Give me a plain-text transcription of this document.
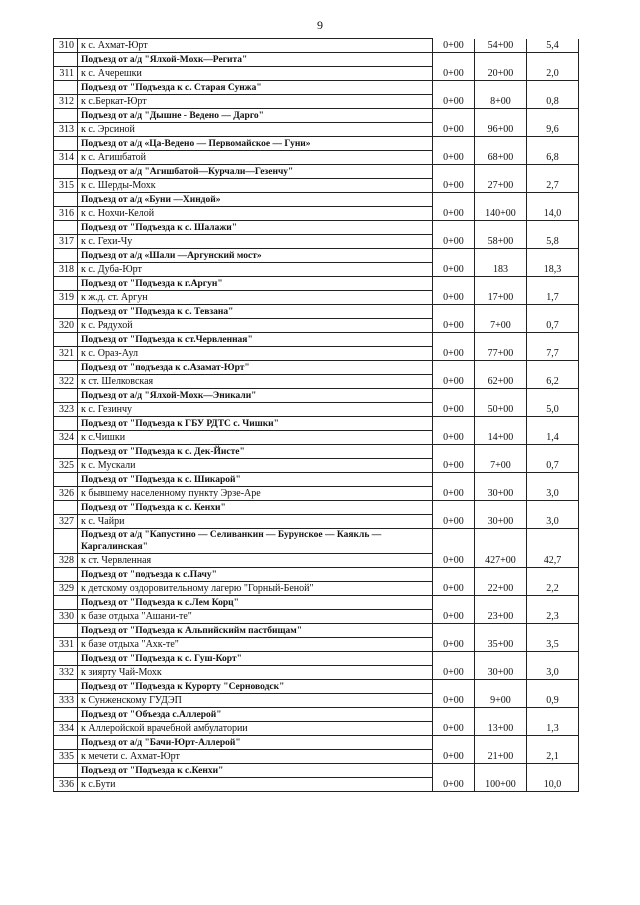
9
310	к с. Ахмат-Юрт	0+00	54+00	5,4
	Подъезд от а/д "Ялхой-Мохк—Регита"			
311	к с. Ачерешки	0+00	20+00	2,0
	Подъезд от "Подъезда к с. Старая Сунжа"			
312	к с.Беркат-Юрт	0+00	8+00	0,8
	Подъезд от а/д "Дышне - Ведено — Дарго"			
313	к с. Эрсиной	0+00	96+00	9,6
	Подъезд от а/д «Ца-Ведено — Первомайское — Гуни»			
314	к с. Агишбатой	0+00	68+00	6,8
	Подъезд от а/д "Агишбатой—Курчали—Гезенчу"			
315	к с. Шерды-Мохк	0+00	27+00	2,7
	Подъезд от а/д «Буни —Хиндой»			
316	к с. Нохчи-Келой	0+00	140+00	14,0
	Подъезд от "Подъезда к с. Шалажи"			
317	к с. Гехи-Чу	0+00	58+00	5,8
	Подъезд от а/д «Шали —Аргунский мост»			
318	к с. Дуба-Юрт	0+00	183	18,3
	Подъезд от "Подъезда к г.Аргун"			
319	к ж.д. ст. Аргун	0+00	17+00	1,7
	Подъезд от "Подъезда к с. Тевзана"			
320	к с. Рядухой	0+00	7+00	0,7
	Подъезд от "Подъезда к ст.Червленная"			
321	к с. Ораз-Аул	0+00	77+00	7,7
	Подъезд от "подъезда к с.Азамат-Юрт"			
322	к ст. Шелковская	0+00	62+00	6,2
	Подъезд от а/д "Ялхой-Мохк—Эникали"			
323	к с. Гезинчу	0+00	50+00	5,0
	Подъезд от "Подъезда к ГБУ РДТС с. Чишки"			
324	к с.Чишки	0+00	14+00	1,4
	Подъезд от "Подъезда к с. Дек-Йисте"			
325	к с. Мускали	0+00	7+00	0,7
	Подъезд от "Подъезда к с. Шикарой"			
326	к бывшему населенному пункту Эрзе-Аре	0+00	30+00	3,0
	Подъезд от "Подъезда к с. Кенхи"			
327	к с. Чайри	0+00	30+00	3,0
	Подъезд от а/д "Капустино — Селиванкин — Бурунское — Каякль — Каргалинская"			
328	к ст. Червленная	0+00	427+00	42,7
	Подъезд от "подъезда к с.Пачу"			
329	к детскому оздоровительному лагерю "Горный-Беной"	0+00	22+00	2,2
	Подъезд от "Подъезда к с.Лем Корц"			
330	к базе отдыха "Ашани-те"	0+00	23+00	2,3
	Подъезд от "Подъезда к Альпийскийм пастбищам"			
331	к базе отдыха "Ахк-те"	0+00	35+00	3,5
	Подъезд от "Подъезда к с. Гуш-Корт"			
332	к зиярту Чай-Мохк	0+00	30+00	3,0
	Подъезд от "Подъезда к Курорту "Серноводск"			
333	к Сунженскому ГУДЭП	0+00	9+00	0,9
	Подъезд от "Объезда с.Аллерой"			
334	к Аллеройской врачебной амбулатории	0+00	13+00	1,3
	Подъезд от а/д "Бачи-Юрт-Аллерой"			
335	к мечети с. Ахмат-Юрт	0+00	21+00	2,1
	Подъезд от "Подъезда к с.Кенхи"			
336	к с.Бути	0+00	100+00	10,0
